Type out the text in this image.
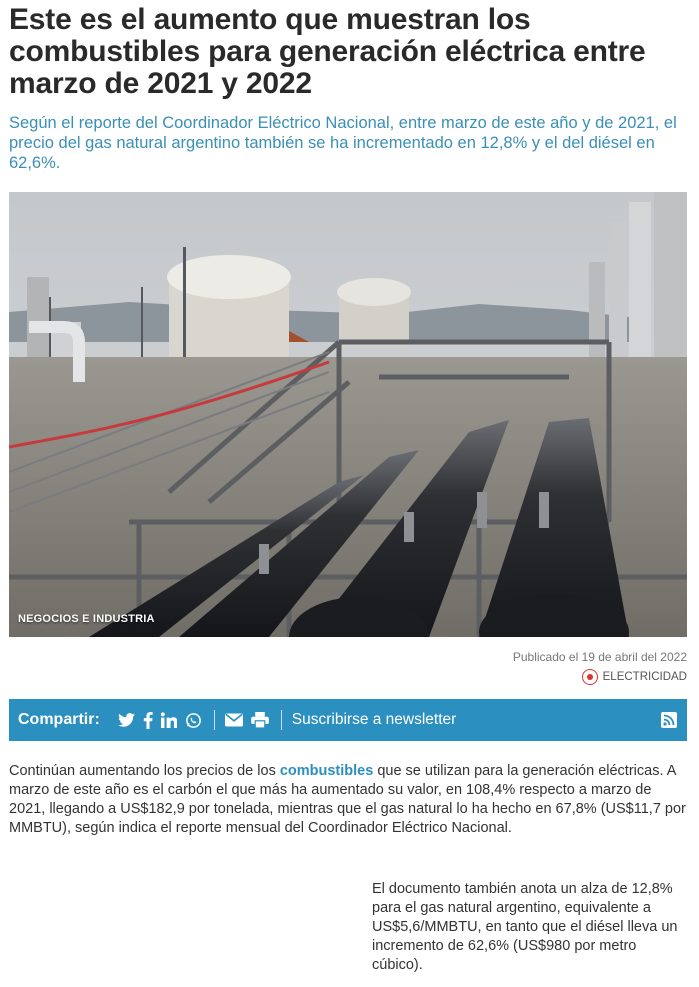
Este es el aumento que muestran los combustibles para generación eléctrica entre marzo de 2021 y 2022

Según el reporte del Coordinador Eléctrico Nacional, entre marzo de este año y de 2021, el precio del gas natural argentino también se ha incrementado en 12,8% y el del diésel en 62,6%.

NEGOCIOS E INDUSTRIA
Publicado el 19 de abril del 2022
ELECTRICIDAD
Compartir:	Suscribirse a newsletter

Continúan aumentando los precios de los combustibles que se utilizan para la generación eléctricas. A marzo de este año es el carbón el que más ha aumentado su valor, en 108,4% respecto a marzo de 2021, llegando a US$182,9 por tonelada, mientras que el gas natural lo ha hecho en 67,8% (US$11,7 por MMBTU), según indica el reporte mensual del Coordinador Eléctrico Nacional.

El documento también anota un alza de 12,8% para el gas natural argentino, equivalente a US$5,6/MMBTU, en tanto que el diésel lleva un incremento de 62,6% (US$980 por metro cúbico).
